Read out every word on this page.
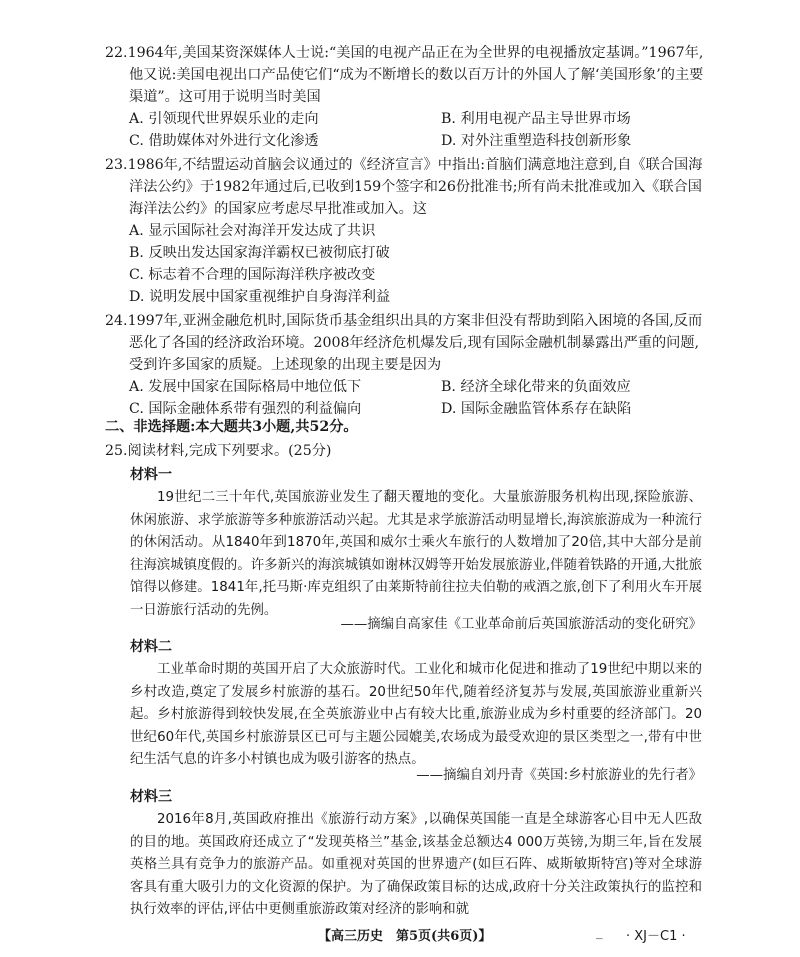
22.1964年,美国某资深媒体人士说:“美国的电视产品正在为全世界的电视播放定基调。”1967年,他又说:美国电视出口产品使它们“成为不断增长的数以百万计的外国人了解‘美国形象’的主要渠道”。这可用于说明当时美国
A. 引领现代世界娱乐业的走向	B. 利用电视产品主导世界市场
C. 借助媒体对外进行文化渗透	D. 对外注重塑造科技创新形象
23.1986年,不结盟运动首脑会议通过的《经济宣言》中指出:首脑们满意地注意到,自《联合国海洋法公约》于1982年通过后,已收到159个签字和26份批准书;所有尚未批准或加入《联合国海洋法公约》的国家应考虑尽早批准或加入。这
A. 显示国际社会对海洋开发达成了共识
B. 反映出发达国家海洋霸权已被彻底打破
C. 标志着不合理的国际海洋秩序被改变
D. 说明发展中国家重视维护自身海洋利益
24.1997年,亚洲金融危机时,国际货币基金组织出具的方案非但没有帮助到陷入困境的各国,反而恶化了各国的经济政治环境。2008年经济危机爆发后,现有国际金融机制暴露出严重的问题,受到许多国家的质疑。上述现象的出现主要是因为
A. 发展中国家在国际格局中地位低下	B. 经济全球化带来的负面效应
C. 国际金融体系带有强烈的利益偏向	D. 国际金融监管体系存在缺陷
二、非选择题:本大题共3小题,共52分。
25.阅读材料,完成下列要求。(25分)
材料一
19世纪二三十年代,英国旅游业发生了翻天覆地的变化。大量旅游服务机构出现,探险旅游、休闲旅游、求学旅游等多种旅游活动兴起。尤其是求学旅游活动明显增长,海滨旅游成为一种流行的休闲活动。从1840年到1870年,英国和威尔士乘火车旅行的人数增加了20倍,其中大部分是前往海滨城镇度假的。许多新兴的海滨城镇如谢林汉姆等开始发展旅游业,伴随着铁路的开通,大批旅馆得以修建。1841年,托马斯·库克组织了由莱斯特前往拉夫伯勒的戒酒之旅,创下了利用火车开展一日游旅行活动的先例。
——摘编自高家佳《工业革命前后英国旅游活动的变化研究》
材料二
工业革命时期的英国开启了大众旅游时代。工业化和城市化促进和推动了19世纪中期以来的乡村改造,奠定了发展乡村旅游的基石。20世纪50年代,随着经济复苏与发展,英国旅游业重新兴起。乡村旅游得到较快发展,在全英旅游业中占有较大比重,旅游业成为乡村重要的经济部门。20世纪60年代,英国乡村旅游景区已可与主题公园媲美,农场成为最受欢迎的景区类型之一,带有中世纪生活气息的许多小村镇也成为吸引游客的热点。
——摘编自刘丹青《英国:乡村旅游业的先行者》
材料三
2016年8月,英国政府推出《旅游行动方案》,以确保英国能一直是全球游客心目中无人匹敌的目的地。英国政府还成立了“发现英格兰”基金,该基金总额达4 000万英镑,为期三年,旨在发展英格兰具有竞争力的旅游产品。如重视对英国的世界遗产(如巨石阵、威斯敏斯特宫)等对全球游客具有重大吸引力的文化资源的保护。为了确保政策目标的达成,政府十分关注政策执行的监控和执行效率的评估,评估中更侧重旅游政策对经济的影响和就
【高三历史　第5页(共6页)】	_ · XJ－C1 ·
